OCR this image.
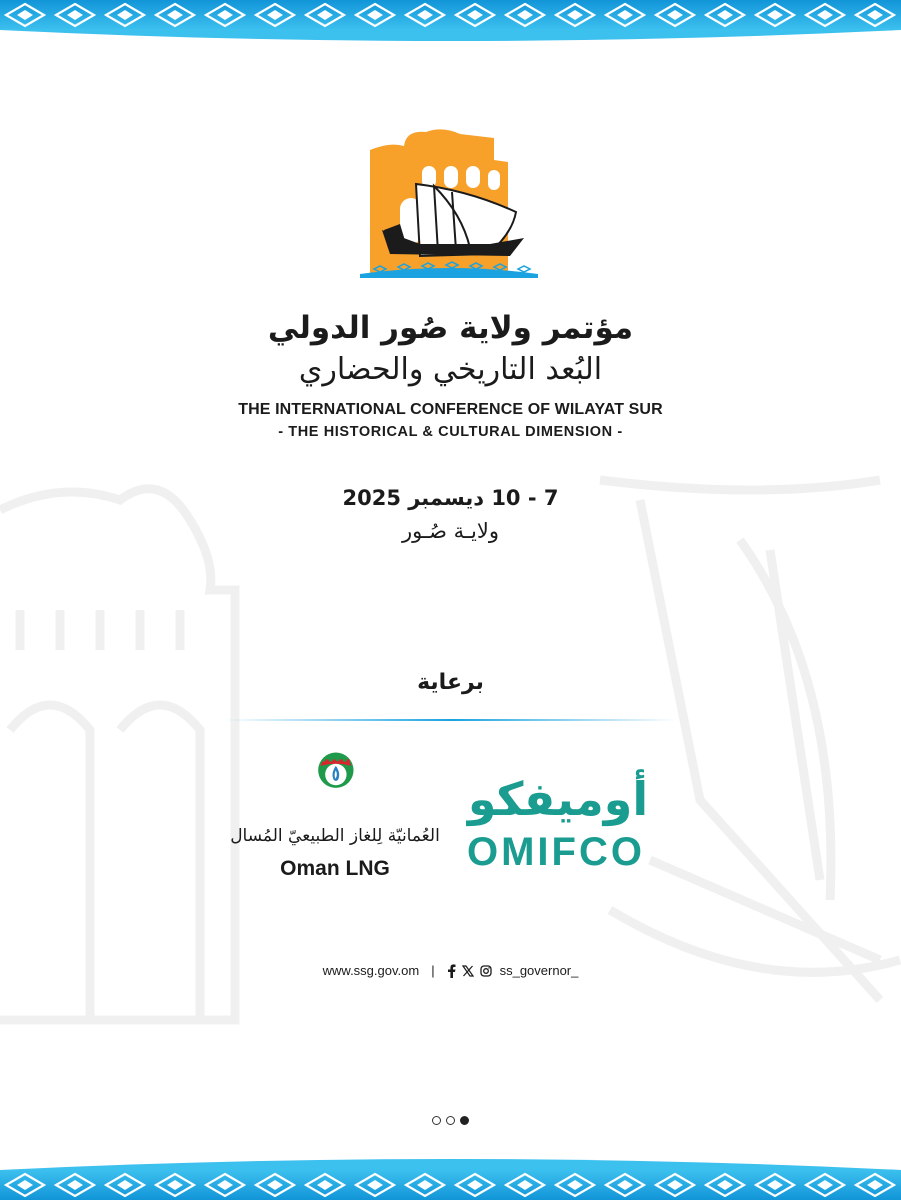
مؤتمر ولاية صُور الدولي
البُعد التاريخي والحضاري
THE INTERNATIONAL CONFERENCE OF WILAYAT SUR
- THE HISTORICAL & CULTURAL DIMENSION -
7 - 10 ديسمبر 2025
ولايـة صُـور
برعاية
العُمانيّة لِلغاز الطبيعيّ المُسال
Oman LNG
أوميفكو
OMIFCO
www.ssg.gov.om |	ss_governor_
